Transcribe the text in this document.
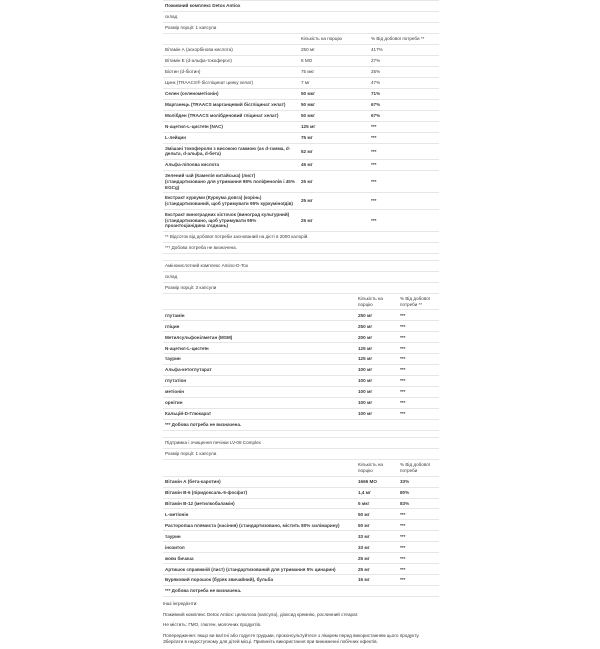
Поживний комплекс Detox Antiox		
склад		
Розмір порції: 1 капсула		
	Кількість на порцію	% Від добової потреби **
Вітамін А (аскорбінова кислота)	250 мг	417%
Вітамін Е (d-альфа-токоферол)	8 МО	27%
Біотин (d-біотин)	75 мкг	25%
Цинк (TRAACS® бісгліцинат цинку хелат)	7 мг	47%
Селен (селенометіонін)	50 мкг	71%
Марганець (TRAACS марганцевий бісгліцинат хелат)	50 мкг	67%
Молібден (TRAACS молібденовий гліцинат хелат)	50 мкг	67%
N-ацетил-L-цистеїн (NAC)	125 мг	***
L-лейцин	75 мг	***
Змішані токофероли з високою гаммою (as d-гамма, d-дельта, d-альфа, d-бета)	52 мг	***
Альфа-ліпоєва кислота	45 мг	***
Зелений чай (Камелія китайська) (лист) (стандартизовано для утримання 98% поліфенолів і 45% EGCg)	25 мг	***
Екстракт куркуми (Куркума довга) (корінь) (стандартизований, щоб утримувати 95% куркуміноїдів)	25 мг	***
Екстракт виноградних кісточок (виноград культурний) (стандартизовано, щоб утримувати 95% проантоціанідина з'єднань)	25 мг	***
** Відсоток від добової потреби заснований на дієті в 2000 калорій.		
*** Добова потреба не визначена.		
Амінокислотний комплекс Amino-D-Tox		
склад		
Розмір порції: 3 капсули		
	Кількість на порцію	% Від добової потреби **
глутамін	250 мг	***
гліцин	250 мг	***
Метилсульфонілметан (MSM)	200 мг	***
N-ацетил-L-цистеїн	125 мг	***
таурин	125 мг	***
Альфа-кетоглутарат	100 мг	***
глутатіон	100 мг	***
метіонін	100 мг	***
орнітин	100 мг	***
Кальцій-D-Глюкарат	100 мг	***
*** Добова потреба не визначена.		
Підтримка і очищення печінки LV-08 Complex		
Розмір порції: 1 капсула		
	Кількість на порцію	% Від добової потреби
Вітамін А (бета-каротин)	1666 МО	33%
Вітамін B-6 (піридоксаль-5-фосфат)	1,4 мг	80%
Вітамін B-12 (метилкобаламін)	5 мкг	83%
L-метіонін	50 мг	***
Расторопша плямиста (насіння) (стандартизовано, містить 80% силімарину)	50 мг	***
таурин	33 мг	***
інозитол	33 мг	***
жовч бичача	25 мг	***
Артишок справжній (лист) (стандартизований для утримання 5% цинарин)	25 мг	***
Буряковий порошок (буряк звичайний), бульба	16 мг	***
*** Добова потреба не визначена.		

Інші інгредієнти:

Поживний комплекс Detox Antiox: целюлоза (капсула), діоксид кремнію, рослинний стеарат.

Не містить: ГМО, глютен, молочних продуктів.

Попередження: якщо ви вагітні або годуєте грудьми, проконсультуйтеся з лікарем перед використанням цього продукту. Зберігати в недоступному для дітей місці. Припиніть використання при виникненні побічних ефектів.
